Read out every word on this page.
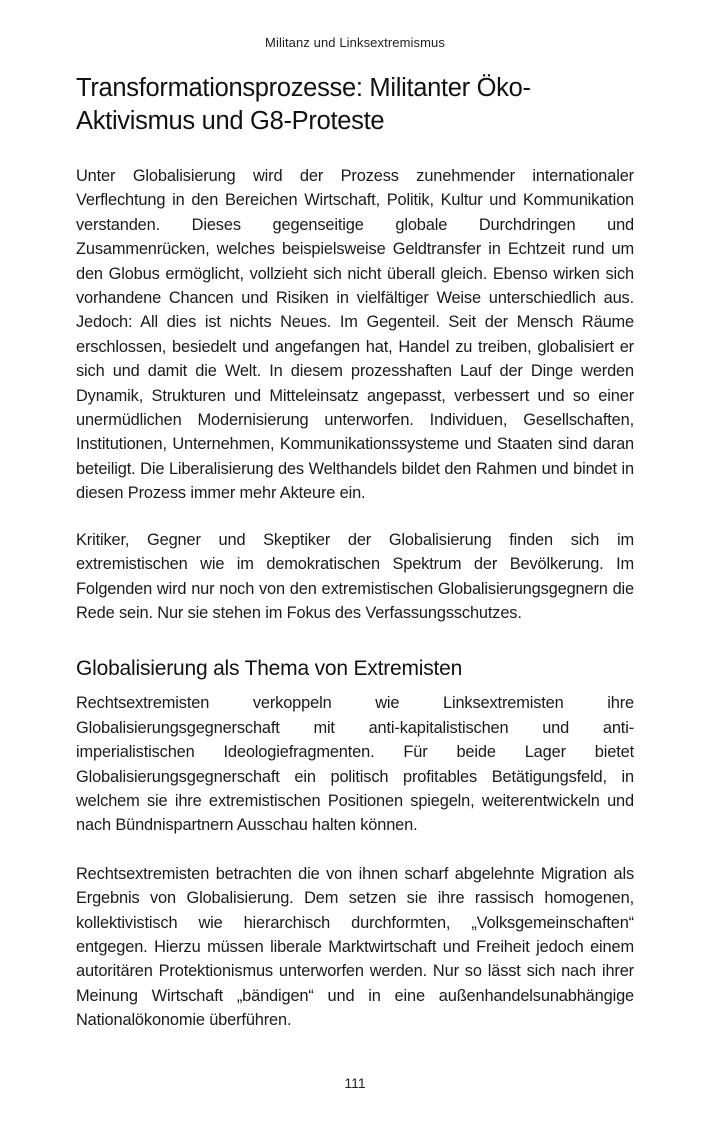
Militanz und Linksextremismus
Transformationsprozesse: Militanter Öko-Aktivismus und G8-Proteste

Unter Globalisierung wird der Prozess zunehmender internationaler Verflechtung in den Bereichen Wirtschaft, Politik, Kultur und Kommunikation verstanden. Dieses gegenseitige globale Durchdringen und Zusammenrücken, welches beispielsweise Geldtransfer in Echtzeit rund um den Globus ermöglicht, vollzieht sich nicht überall gleich. Ebenso wirken sich vorhandene Chancen und Risiken in vielfältiger Weise unterschiedlich aus. Jedoch: All dies ist nichts Neues. Im Gegenteil. Seit der Mensch Räume erschlossen, besiedelt und angefangen hat, Handel zu treiben, globalisiert er sich und damit die Welt. In diesem prozesshaften Lauf der Dinge werden Dynamik, Strukturen und Mitteleinsatz angepasst, verbessert und so einer unermüdlichen Modernisierung unterworfen. Individuen, Gesellschaften, Institutionen, Unternehmen, Kommunikationssysteme und Staaten sind daran beteiligt. Die Liberalisierung des Welthandels bildet den Rahmen und bindet in diesen Prozess immer mehr Akteure ein.

Kritiker, Gegner und Skeptiker der Globalisierung finden sich im extremistischen wie im demokratischen Spektrum der Bevölkerung. Im Folgenden wird nur noch von den extremistischen Globalisierungsgegnern die Rede sein. Nur sie stehen im Fokus des Verfassungsschutzes.

Globalisierung als Thema von Extremisten

Rechtsextremisten verkoppeln wie Linksextremisten ihre Globalisierungsgegnerschaft mit anti-kapitalistischen und anti-imperialistischen Ideologiefragmenten. Für beide Lager bietet Globalisierungsgegnerschaft ein politisch profitables Betätigungsfeld, in welchem sie ihre extremistischen Positionen spiegeln, weiterentwickeln und nach Bündnispartnern Ausschau halten können.

Rechtsextremisten betrachten die von ihnen scharf abgelehnte Migration als Ergebnis von Globalisierung. Dem setzen sie ihre rassisch homogenen, kollektivistisch wie hierarchisch durchformten, „Volksgemeinschaften“ entgegen. Hierzu müssen liberale Marktwirtschaft und Freiheit jedoch einem autoritären Protektionismus unterworfen werden. Nur so lässt sich nach ihrer Meinung Wirtschaft „bändigen“ und in eine außenhandelsunabhängige Nationalökonomie überführen.

111
